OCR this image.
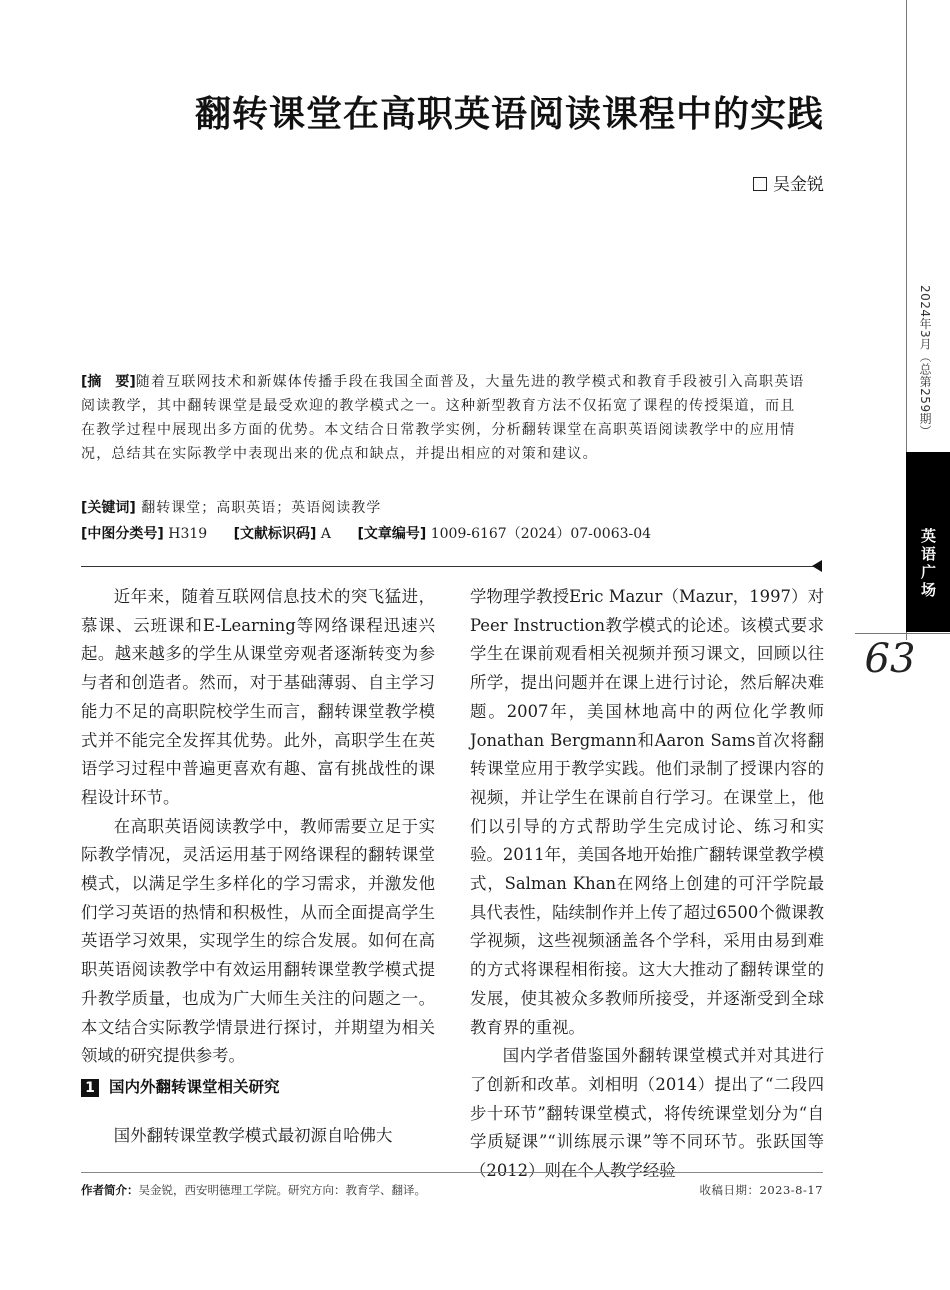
翻转课堂在高职英语阅读课程中的实践
吴金锐
[摘　要]随着互联网技术和新媒体传播手段在我国全面普及，大量先进的教学模式和教育手段被引入高职英语阅读教学，其中翻转课堂是最受欢迎的教学模式之一。这种新型教育方法不仅拓宽了课程的传授渠道，而且在教学过程中展现出多方面的优势。本文结合日常教学实例，分析翻转课堂在高职英语阅读教学中的应用情况，总结其在实际教学中表现出来的优点和缺点，并提出相应的对策和建议。
[关键词] 翻转课堂；高职英语；英语阅读教学
[中图分类号] H319 [文献标识码] A [文章编号] 1009-6167（2024）07-0063-04

近年来，随着互联网信息技术的突飞猛进，慕课、云班课和E-Learning等网络课程迅速兴起。越来越多的学生从课堂旁观者逐渐转变为参与者和创造者。然而，对于基础薄弱、自主学习能力不足的高职院校学生而言，翻转课堂教学模式并不能完全发挥其优势。此外，高职学生在英语学习过程中普遍更喜欢有趣、富有挑战性的课程设计环节。

在高职英语阅读教学中，教师需要立足于实际教学情况，灵活运用基于网络课程的翻转课堂模式，以满足学生多样化的学习需求，并激发他们学习英语的热情和积极性，从而全面提高学生英语学习效果，实现学生的综合发展。如何在高职英语阅读教学中有效运用翻转课堂教学模式提升教学质量，也成为广大师生关注的问题之一。本文结合实际教学情景进行探讨，并期望为相关领域的研究提供参考。

1 国内外翻转课堂相关研究
国外翻转课堂教学模式最初源自哈佛大

学物理学教授Eric Mazur（Mazur，1997）对Peer Instruction教学模式的论述。该模式要求学生在课前观看相关视频并预习课文，回顾以往所学，提出问题并在课上进行讨论，然后解决难题。2007年，美国林地高中的两位化学教师Jonathan Bergmann和Aaron Sams首次将翻转课堂应用于教学实践。他们录制了授课内容的视频，并让学生在课前自行学习。在课堂上，他们以引导的方式帮助学生完成讨论、练习和实验。2011年，美国各地开始推广翻转课堂教学模式，Salman Khan在网络上创建的可汗学院最具代表性，陆续制作并上传了超过6500个微课教学视频，这些视频涵盖各个学科，采用由易到难的方式将课程相衔接。这大大推动了翻转课堂的发展，使其被众多教师所接受，并逐渐受到全球教育界的重视。

国内学者借鉴国外翻转课堂模式并对其进行了创新和改革。刘相明（2014）提出了“二段四步十环节”翻转课堂模式，将传统课堂划分为“自学质疑课”“训练展示课”等不同环节。张跃国等（2012）则在个人教学经验

作者简介：吴金锐，西安明德理工学院。研究方向：教育学、翻译。	收稿日期：2023-8-17
2024年3月（总第259期）
英语广场
63
